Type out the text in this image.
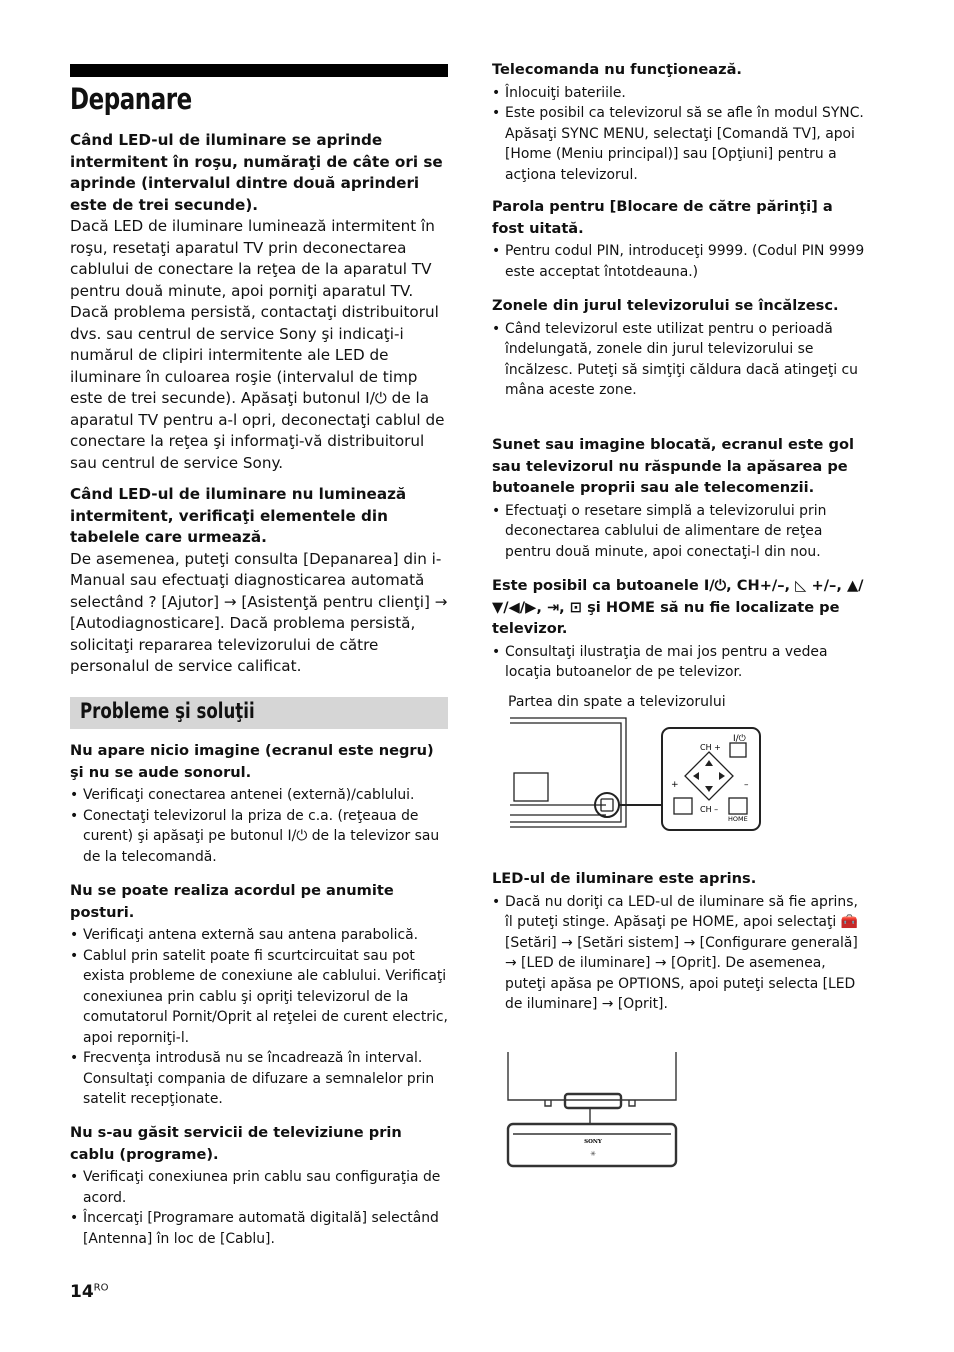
Depanare

Când LED-ul de iluminare se aprinde intermitent în roşu, număraţi de câte ori se aprinde (intervalul dintre două aprinderi este de trei secunde).

Dacă LED de iluminare luminează intermitent în roşu, resetaţi aparatul TV prin deconectarea cablului de conectare la reţea de la aparatul TV pentru două minute, apoi porniţi aparatul TV. Dacă problema persistă, contactaţi distribuitorul dvs. sau centrul de service Sony şi indicaţi-i numărul de clipiri intermitente ale LED de iluminare în culoarea roşie (intervalul de timp este de trei secunde). Apăsaţi butonul I/⏻ de la aparatul TV pentru a-l opri, deconectaţi cablul de conectare la reţea şi informaţi-vă distribuitorul sau centrul de service Sony.

Când LED-ul de iluminare nu luminează intermitent, verificaţi elementele din tabelele care urmează.

De asemenea, puteţi consulta [Depanarea] din i-Manual sau efectuaţi diagnosticarea automată selectând ? [Ajutor] → [Asistenţă pentru clienţi] → [Autodiagnosticare]. Dacă problema persistă, solicitaţi repararea televizorului de către personalul de service calificat.

Probleme şi soluţii

Nu apare nicio imagine (ecranul este negru) şi nu se aude sonorul.

• Verificaţi conectarea antenei (externă)/cablului.
• Conectaţi televizorul la priza de c.a. (reţeaua de curent) şi apăsaţi pe butonul I/⏻ de la televizor sau de la telecomandă.

Nu se poate realiza acordul pe anumite posturi.

• Verificaţi antena externă sau antena parabolică.
• Cablul prin satelit poate fi scurtcircuitat sau pot exista probleme de conexiune ale cablului. Verificaţi conexiunea prin cablu şi opriţi televizorul de la comutatorul Pornit/Oprit al reţelei de curent electric, apoi reporniţi-l.
• Frecvenţa introdusă nu se încadrează în interval. Consultaţi compania de difuzare a semnalelor prin satelit recepţionate.

Nu s-au găsit servicii de televiziune prin cablu (programe).

• Verificaţi conexiunea prin cablu sau configuraţia de acord.
• Încercaţi [Programare automată digitală] selectând [Antenna] în loc de [Cablu].
$14^{RO}$

Telecomanda nu funcţionează.

• Înlocuiţi bateriile.
• Este posibil ca televizorul să se afle în modul SYNC. Apăsaţi SYNC MENU, selectaţi [Comandă TV], apoi [Home (Meniu principal)] sau [Opţiuni] pentru a acţiona televizorul.

Parola pentru [Blocare de către părinţi] a fost uitată.

• Pentru codul PIN, introduceţi 9999. (Codul PIN 9999 este acceptat întotdeauna.)

Zonele din jurul televizorului se încălzesc.

• Când televizorul este utilizat pentru o perioadă îndelungată, zonele din jurul televizorului se încălzesc. Puteţi să simţiţi căldura dacă atingeţi cu mâna aceste zone.

Sunet sau imagine blocată, ecranul este gol sau televizorul nu răspunde la apăsarea pe butoanele proprii sau ale telecomenzii.

• Efectuaţi o resetare simplă a televizorului prin deconectarea cablului de alimentare de reţea pentru două minute, apoi conectaţi-l din nou.

Este posibil ca butoanele I/⏻, CH+/–, ◺ +/–, ▲/▼/◀/▶, ⇥, ⊡ şi HOME să nu fie localizate pe televizor.

• Consultaţi ilustraţia de mai jos pentru a vedea locaţia butoanelor de pe televizor.
Partea din spate a televizorului
I/⏻
CH +
CH –
+	–
HOME

LED-ul de iluminare este aprins.

• Dacă nu doriţi ca LED-ul de iluminare să fie aprins, îl puteţi stinge. Apăsaţi pe HOME, apoi selectaţi 🧰 [Setări] → [Setări sistem] → [Configurare generală] → [LED de iluminare] → [Oprit]. De asemenea, puteţi apăsa pe OPTIONS, apoi puteţi selecta [LED de iluminare] → [Oprit].
SONY
✳
